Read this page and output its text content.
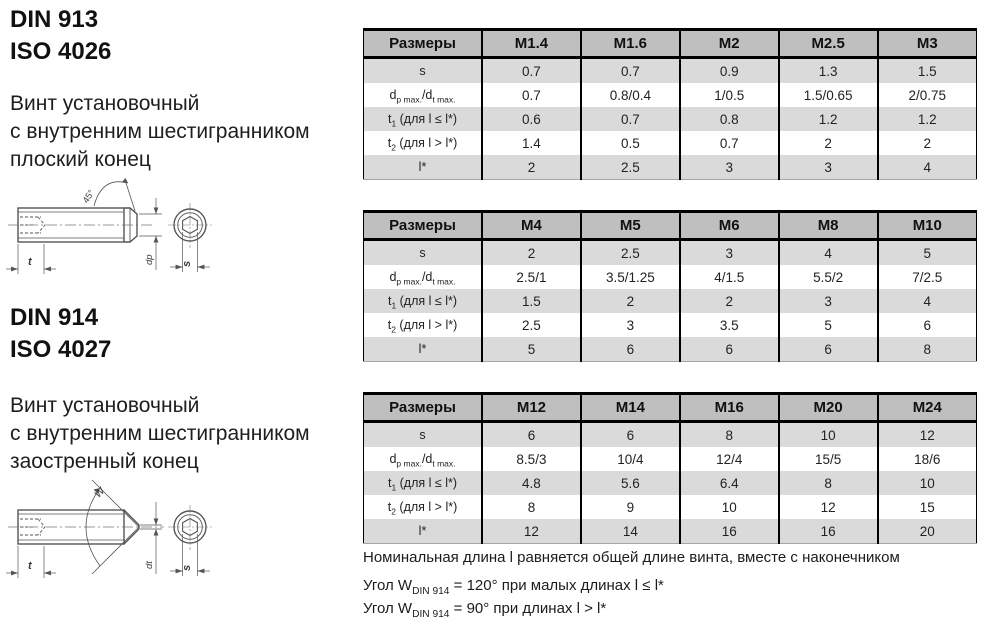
DIN 913
ISO 4026
Винт установочный
с внутренним шестигранником
плоский конец
45°
t	dp s
DIN 914
ISO 4027
Винт установочный
с внутренним шестигранником
заостренный конец
W
t	dt s
Размеры	M1.4	M1.6	M2	M2.5	M3
s	0.7	0.7	0.9	1.3	1.5
$d_{p max.}/d_{t max.}$	0.7	0.8/0.4	1/0.5	1.5/0.65	2/0.75
$t_1$ (для l ≤ l*)	0.6	0.7	0.8	1.2	1.2
$t_2$ (для l > l*)	1.4	0.5	0.7	2	2
l*	2	2.5	3	3	4
Размеры	M4	M5	M6	M8	M10
s	2	2.5	3	4	5
$d_{p max.}/d_{t max.}$	2.5/1	3.5/1.25	4/1.5	5.5/2	7/2.5
$t_1$ (для l ≤ l*)	1.5	2	2	3	4
$t_2$ (для l > l*)	2.5	3	3.5	5	6
l*	5	6	6	6	8
Размеры	M12	M14	M16	M20	M24
s	6	6	8	10	12
$d_{p max.}/d_{t max.}$	8.5/3	10/4	12/4	15/5	18/6
$t_1$ (для l ≤ l*)	4.8	5.6	6.4	8	10
$t_2$ (для l > l*)	8	9	10	12	15
l*	12	14	16	16	20
Номинальная длина l равняется общей длине винта, вместе с наконечником
Угол $W_{DIN 914} = 120^\circ$ при малых длинах l ≤ l*
Угол $W_{DIN 914} = 90^\circ$ при длинах l > l*
